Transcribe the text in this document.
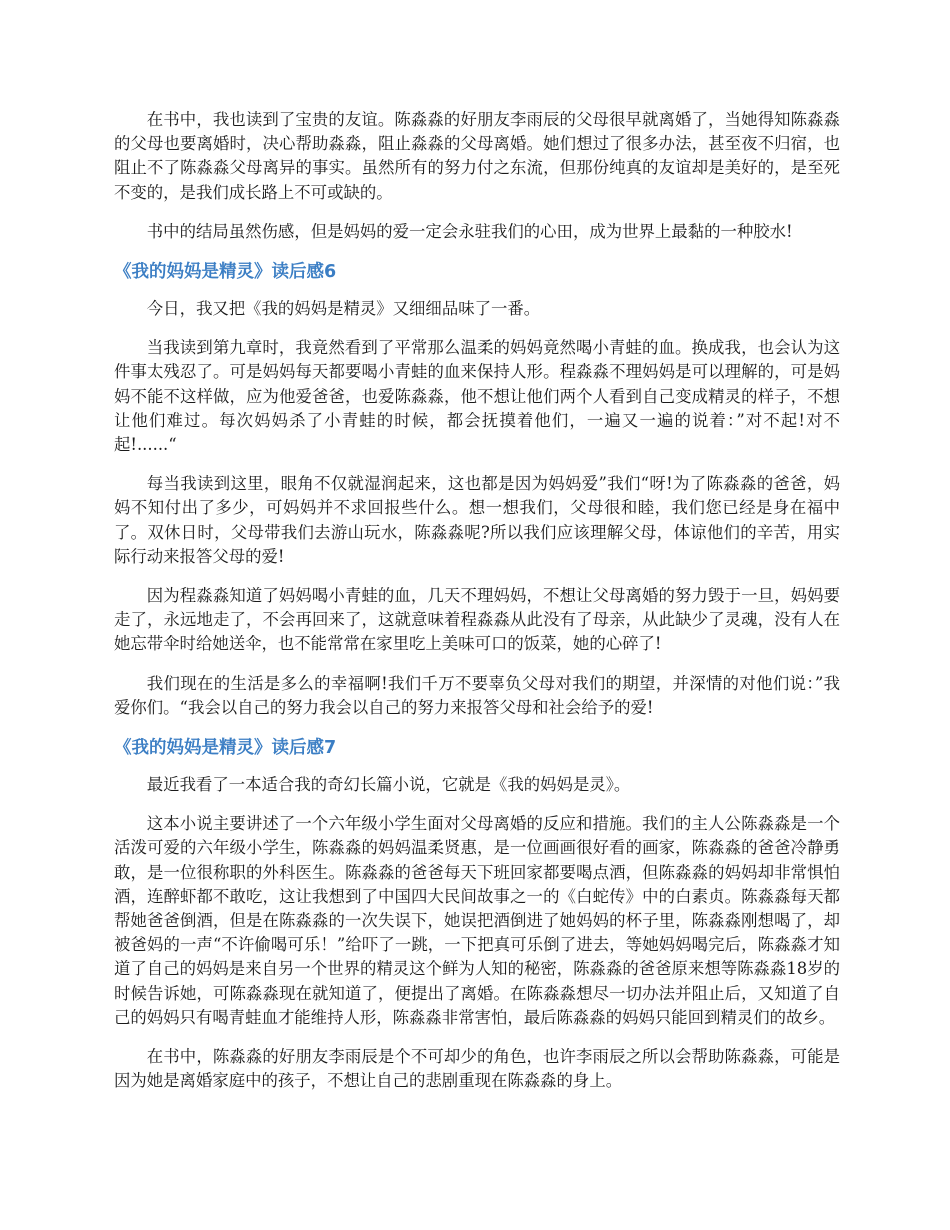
在书中，我也读到了宝贵的友谊。陈淼淼的好朋友李雨辰的父母很早就离婚了，当她得知陈淼淼的父母也要离婚时，决心帮助淼淼，阻止淼淼的父母离婚。她们想过了很多办法，甚至夜不归宿，也阻止不了陈淼淼父母离异的事实。虽然所有的努力付之东流，但那份纯真的友谊却是美好的，是至死不变的，是我们成长路上不可或缺的。

书中的结局虽然伤感，但是妈妈的爱一定会永驻我们的心田，成为世界上最黏的一种胶水!

《我的妈妈是精灵》读后感6

今日，我又把《我的妈妈是精灵》又细细品味了一番。

当我读到第九章时，我竟然看到了平常那么温柔的妈妈竟然喝小青蛙的血。换成我，也会认为这件事太残忍了。可是妈妈每天都要喝小青蛙的血来保持人形。程淼淼不理妈妈是可以理解的，可是妈妈不能不这样做，应为他爱爸爸，也爱陈淼淼，他不想让他们两个人看到自己变成精灵的样子，不想让他们难过。每次妈妈杀了小青蛙的时候，都会抚摸着他们，一遍又一遍的说着：”对不起!对不起!......“

每当我读到这里，眼角不仅就湿润起来，这也都是因为妈妈爱”我们“呀!为了陈淼淼的爸爸，妈妈不知付出了多少，可妈妈并不求回报些什么。想一想我们，父母很和睦，我们您已经是身在福中了。双休日时，父母带我们去游山玩水，陈淼淼呢?所以我们应该理解父母，体谅他们的辛苦，用实际行动来报答父母的爱!

因为程淼淼知道了妈妈喝小青蛙的血，几天不理妈妈，不想让父母离婚的努力毁于一旦，妈妈要走了，永远地走了，不会再回来了，这就意味着程淼淼从此没有了母亲，从此缺少了灵魂，没有人在她忘带伞时给她送伞，也不能常常在家里吃上美味可口的饭菜，她的心碎了!

我们现在的生活是多么的幸福啊!我们千万不要辜负父母对我们的期望，并深情的对他们说：”我爱你们。“我会以自己的努力我会以自己的努力来报答父母和社会给予的爱!

《我的妈妈是精灵》读后感7

最近我看了一本适合我的奇幻长篇小说，它就是《我的妈妈是灵》。

这本小说主要讲述了一个六年级小学生面对父母离婚的反应和措施。我们的主人公陈淼淼是一个活泼可爱的六年级小学生，陈淼淼的妈妈温柔贤惠，是一位画画很好看的画家，陈淼淼的爸爸冷静勇敢，是一位很称职的外科医生。陈淼淼的爸爸每天下班回家都要喝点酒，但陈淼淼的妈妈却非常惧怕酒，连醉虾都不敢吃，这让我想到了中国四大民间故事之一的《白蛇传》中的白素贞。陈淼淼每天都帮她爸爸倒酒，但是在陈淼淼的一次失误下，她误把酒倒进了她妈妈的杯子里，陈淼淼刚想喝了，却被爸妈的一声“不许偷喝可乐！”给吓了一跳，一下把真可乐倒了进去，等她妈妈喝完后，陈淼淼才知道了自己的妈妈是来自另一个世界的精灵这个鲜为人知的秘密，陈淼淼的爸爸原来想等陈淼淼18岁的时候告诉她，可陈淼淼现在就知道了，便提出了离婚。在陈淼淼想尽一切办法并阻止后，又知道了自己的妈妈只有喝青蛙血才能维持人形，陈淼淼非常害怕，最后陈淼淼的妈妈只能回到精灵们的故乡。

在书中，陈淼淼的好朋友李雨辰是个不可却少的角色，也许李雨辰之所以会帮助陈淼淼，可能是因为她是离婚家庭中的孩子，不想让自己的悲剧重现在陈淼淼的身上。
